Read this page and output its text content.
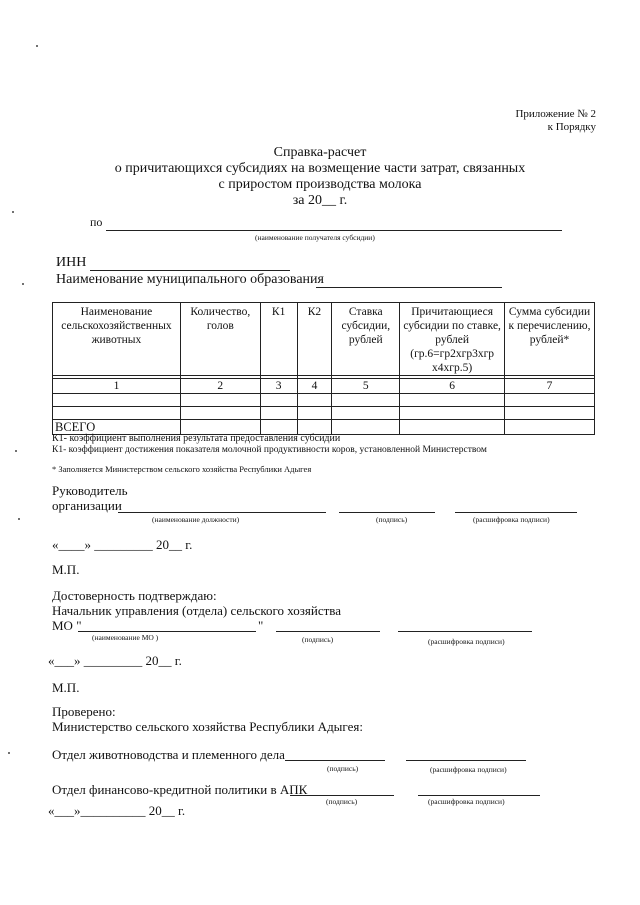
Приложение № 2
к Порядку
Справка-расчет
о причитающихся субсидиях на возмещение части затрат, связанных
с приростом производства молока
за 20__ г.
по
(наименование получателя субсидии)
ИНН
Наименование муниципального образования
Наименование сельскохозяйственных животных	Количество, голов	К1	К2	Ставка субсидии, рублей	Причитающиеся субсидии по ставке, рублей (гр.6=гр2хгр3хгр х4хгр.5)	Сумма субсидии к перечислению, рублей*

1	2	3	4	5	6	7

ВСЕГО						
К1- коэффициент выполнения результата предоставления субсидии
К1- коэффициент достижения показателя молочной продуктивности коров, установленной Министерством
* Заполняется Министерством сельского хозяйства Республики Адыгея
Руководитель
организации
(наименование должности)	(подпись)	(расшифровка подписи)
«____» _________ 20__ г.
М.П.
Достоверность подтверждаю:
Начальник управления (отдела) сельского хозяйства
МО "	"
(наименование МО )	(подпись)	(расшифровка подписи)
«___» _________ 20__ г.
М.П.
Проверено:
Министерство сельского хозяйства Республики Адыгея:
Отдел животноводства и племенного дела
(подпись)	(расшифровка подписи)
Отдел финансово-кредитной политики в АПК
(подпись)	(расшифровка подписи)
«___»__________ 20__ г.
